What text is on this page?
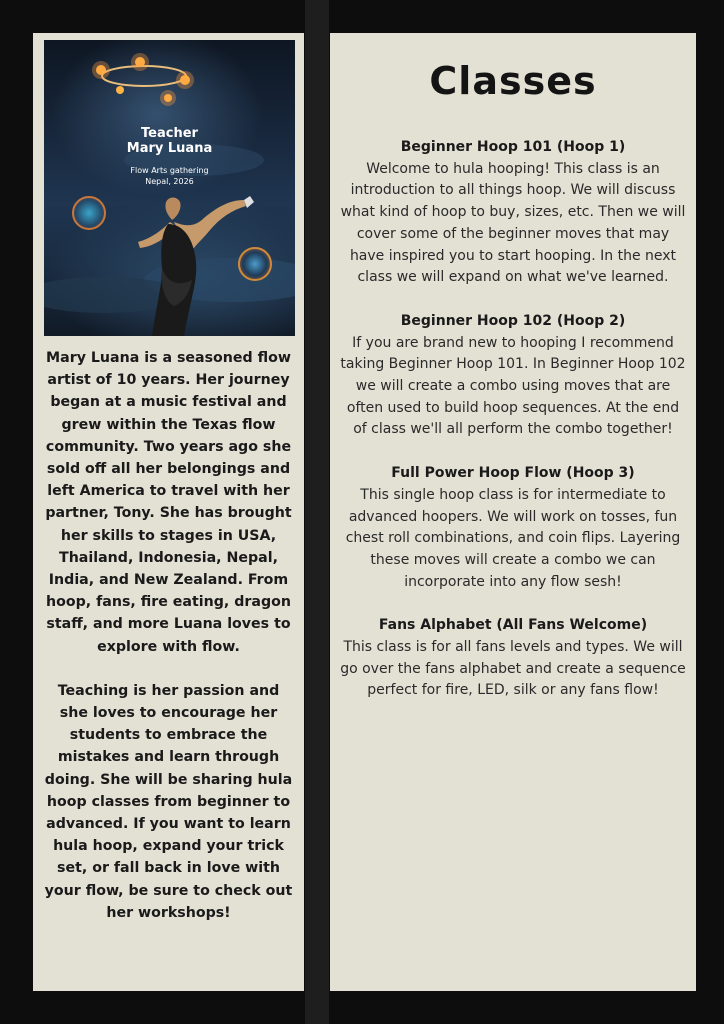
Teacher
Mary Luana
Flow Arts gathering
Nepal, 2026

Mary Luana is a seasoned flow artist of 10 years. Her journey began at a music festival and grew within the Texas flow community. Two years ago she sold off all her belongings and left America to travel with her partner, Tony. She has brought her skills to stages in USA, Thailand, Indonesia, Nepal, India, and New Zealand. From hoop, fans, fire eating, dragon staff, and more Luana loves to explore with flow.

Teaching is her passion and she loves to encourage her students to embrace the mistakes and learn through doing. She will be sharing hula hoop classes from beginner to advanced. If you want to learn hula hoop, expand your trick set, or fall back in love with your flow, be sure to check out her workshops!

Classes
Beginner Hoop 101 (Hoop 1)
Welcome to hula hooping! This class is an introduction to all things hoop. We will discuss what kind of hoop to buy, sizes, etc. Then we will cover some of the beginner moves that may have inspired you to start hooping. In the next class we will expand on what we've learned.
Beginner Hoop 102 (Hoop 2)
If you are brand new to hooping I recommend taking Beginner Hoop 101. In Beginner Hoop 102 we will create a combo using moves that are often used to build hoop sequences. At the end of class we'll all perform the combo together!
Full Power Hoop Flow (Hoop 3)
This single hoop class is for intermediate to advanced hoopers. We will work on tosses, fun chest roll combinations, and coin flips. Layering these moves will create a combo we can incorporate into any flow sesh!
Fans Alphabet (All Fans Welcome)
This class is for all fans levels and types. We will go over the fans alphabet and create a sequence perfect for fire, LED, silk or any fans flow!
